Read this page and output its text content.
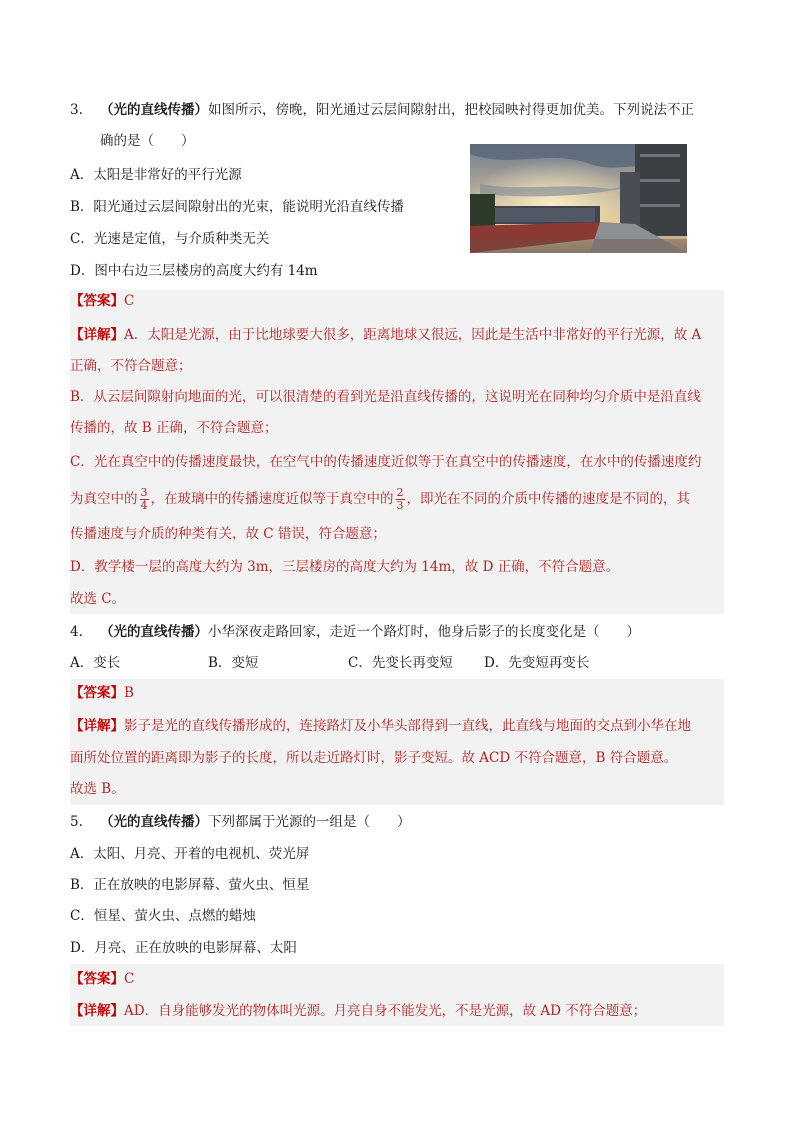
3. （光的直线传播）如图所示，傍晚，阳光通过云层间隙射出，把校园映衬得更加优美。下列说法不正
确的是（　　）
A．太阳是非常好的平行光源
B．阳光通过云层间隙射出的光束，能说明光沿直线传播
C．光速是定值，与介质种类无关
D．图中右边三层楼房的高度大约有 14m
【答案】C
【详解】A．太阳是光源，由于比地球要大很多，距离地球又很远，因此是生活中非常好的平行光源，故 A
正确，不符合题意；
B．从云层间隙射向地面的光，可以很清楚的看到光是沿直线传播的，这说明光在同种均匀介质中是沿直线
传播的，故 B 正确，不符合题意；
C．光在真空中的传播速度最快，在空气中的传播速度近似等于在真空中的传播速度，在水中的传播速度约
为真空中的 $\frac{3}{4}$ ，在玻璃中的传播速度近似等于真空中的 $\frac{2}{3}$ ，即光在不同的介质中传播的速度是不同的，其
传播速度与介质的种类有关，故 C 错误，符合题意；
D．教学楼一层的高度大约为 3m，三层楼房的高度大约为 14m，故 D 正确，不符合题意。
故选 C。
4. （光的直线传播）小华深夜走路回家，走近一个路灯时，他身后影子的长度变化是（　　）
A．变长	B．变短	C．先变长再变短 D．先变短再变长
【答案】B
【详解】影子是光的直线传播形成的，连接路灯及小华头部得到一直线，此直线与地面的交点到小华在地
面所处位置的距离即为影子的长度，所以走近路灯时，影子变短。故 ACD 不符合题意，B 符合题意。
故选 B。
5. （光的直线传播）下列都属于光源的一组是（　　）
A．太阳、月亮、开着的电视机、荧光屏
B．正在放映的电影屏幕、萤火虫、恒星
C．恒星、萤火虫、点燃的蜡烛
D．月亮、正在放映的电影屏幕、太阳
【答案】C
【详解】AD．自身能够发光的物体叫光源。月亮自身不能发光，不是光源，故 AD 不符合题意；
